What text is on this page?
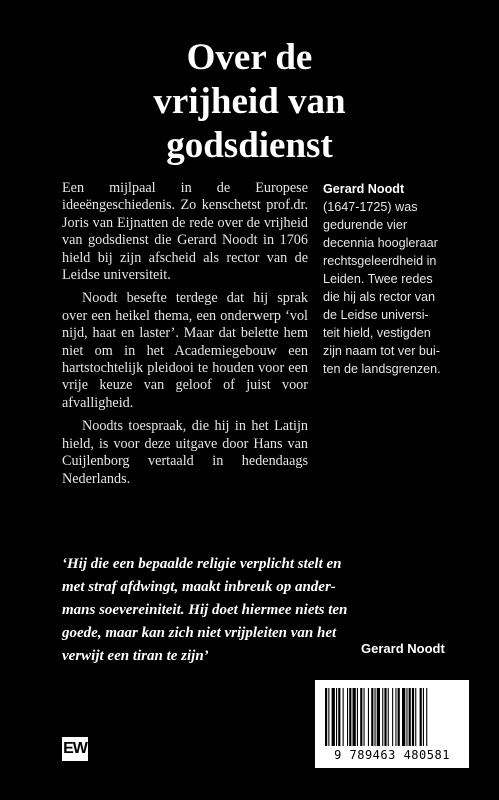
Over de
vrijheid van
godsdienst

Een mijlpaal in de Europese ideeëngeschiedenis. Zo kenschetst prof.dr. Joris van Eijnatten de rede over de vrijheid van godsdienst die Gerard Noodt in 1706 hield bij zijn afscheid als rector van de Leidse universiteit.

Noodt besefte terdege dat hij sprak over een heikel thema, een onderwerp ‘vol nijd, haat en laster’. Maar dat belette hem niet om in het Academiegebouw een hartstochtelijk pleidooi te houden voor een vrije keuze van geloof of juist voor afvalligheid.

Noodts toespraak, die hij in het Latijn hield, is voor deze uitgave door Hans van Cuijlenborg vertaald in hedendaags Nederlands.

Gerard Noodt
(1647-1725) was
gedurende vier
decennia hoogleraar
rechtsgeleerdheid in
Leiden. Twee redes
die hij als rector van
de Leidse universi-
teit hield, vestigden
zijn naam tot ver bui-
ten de landsgrenzen.
‘Hij die een bepaalde religie verplicht stelt en
met straf afdwingt, maakt inbreuk op ander-
mans soevereiniteit. Hij doet hiermee niets ten
goede, maar kan zich niet vrijpleiten van het
verwijt een tiran te zijn’	Gerard Noodt
EW	9 789463 480581
